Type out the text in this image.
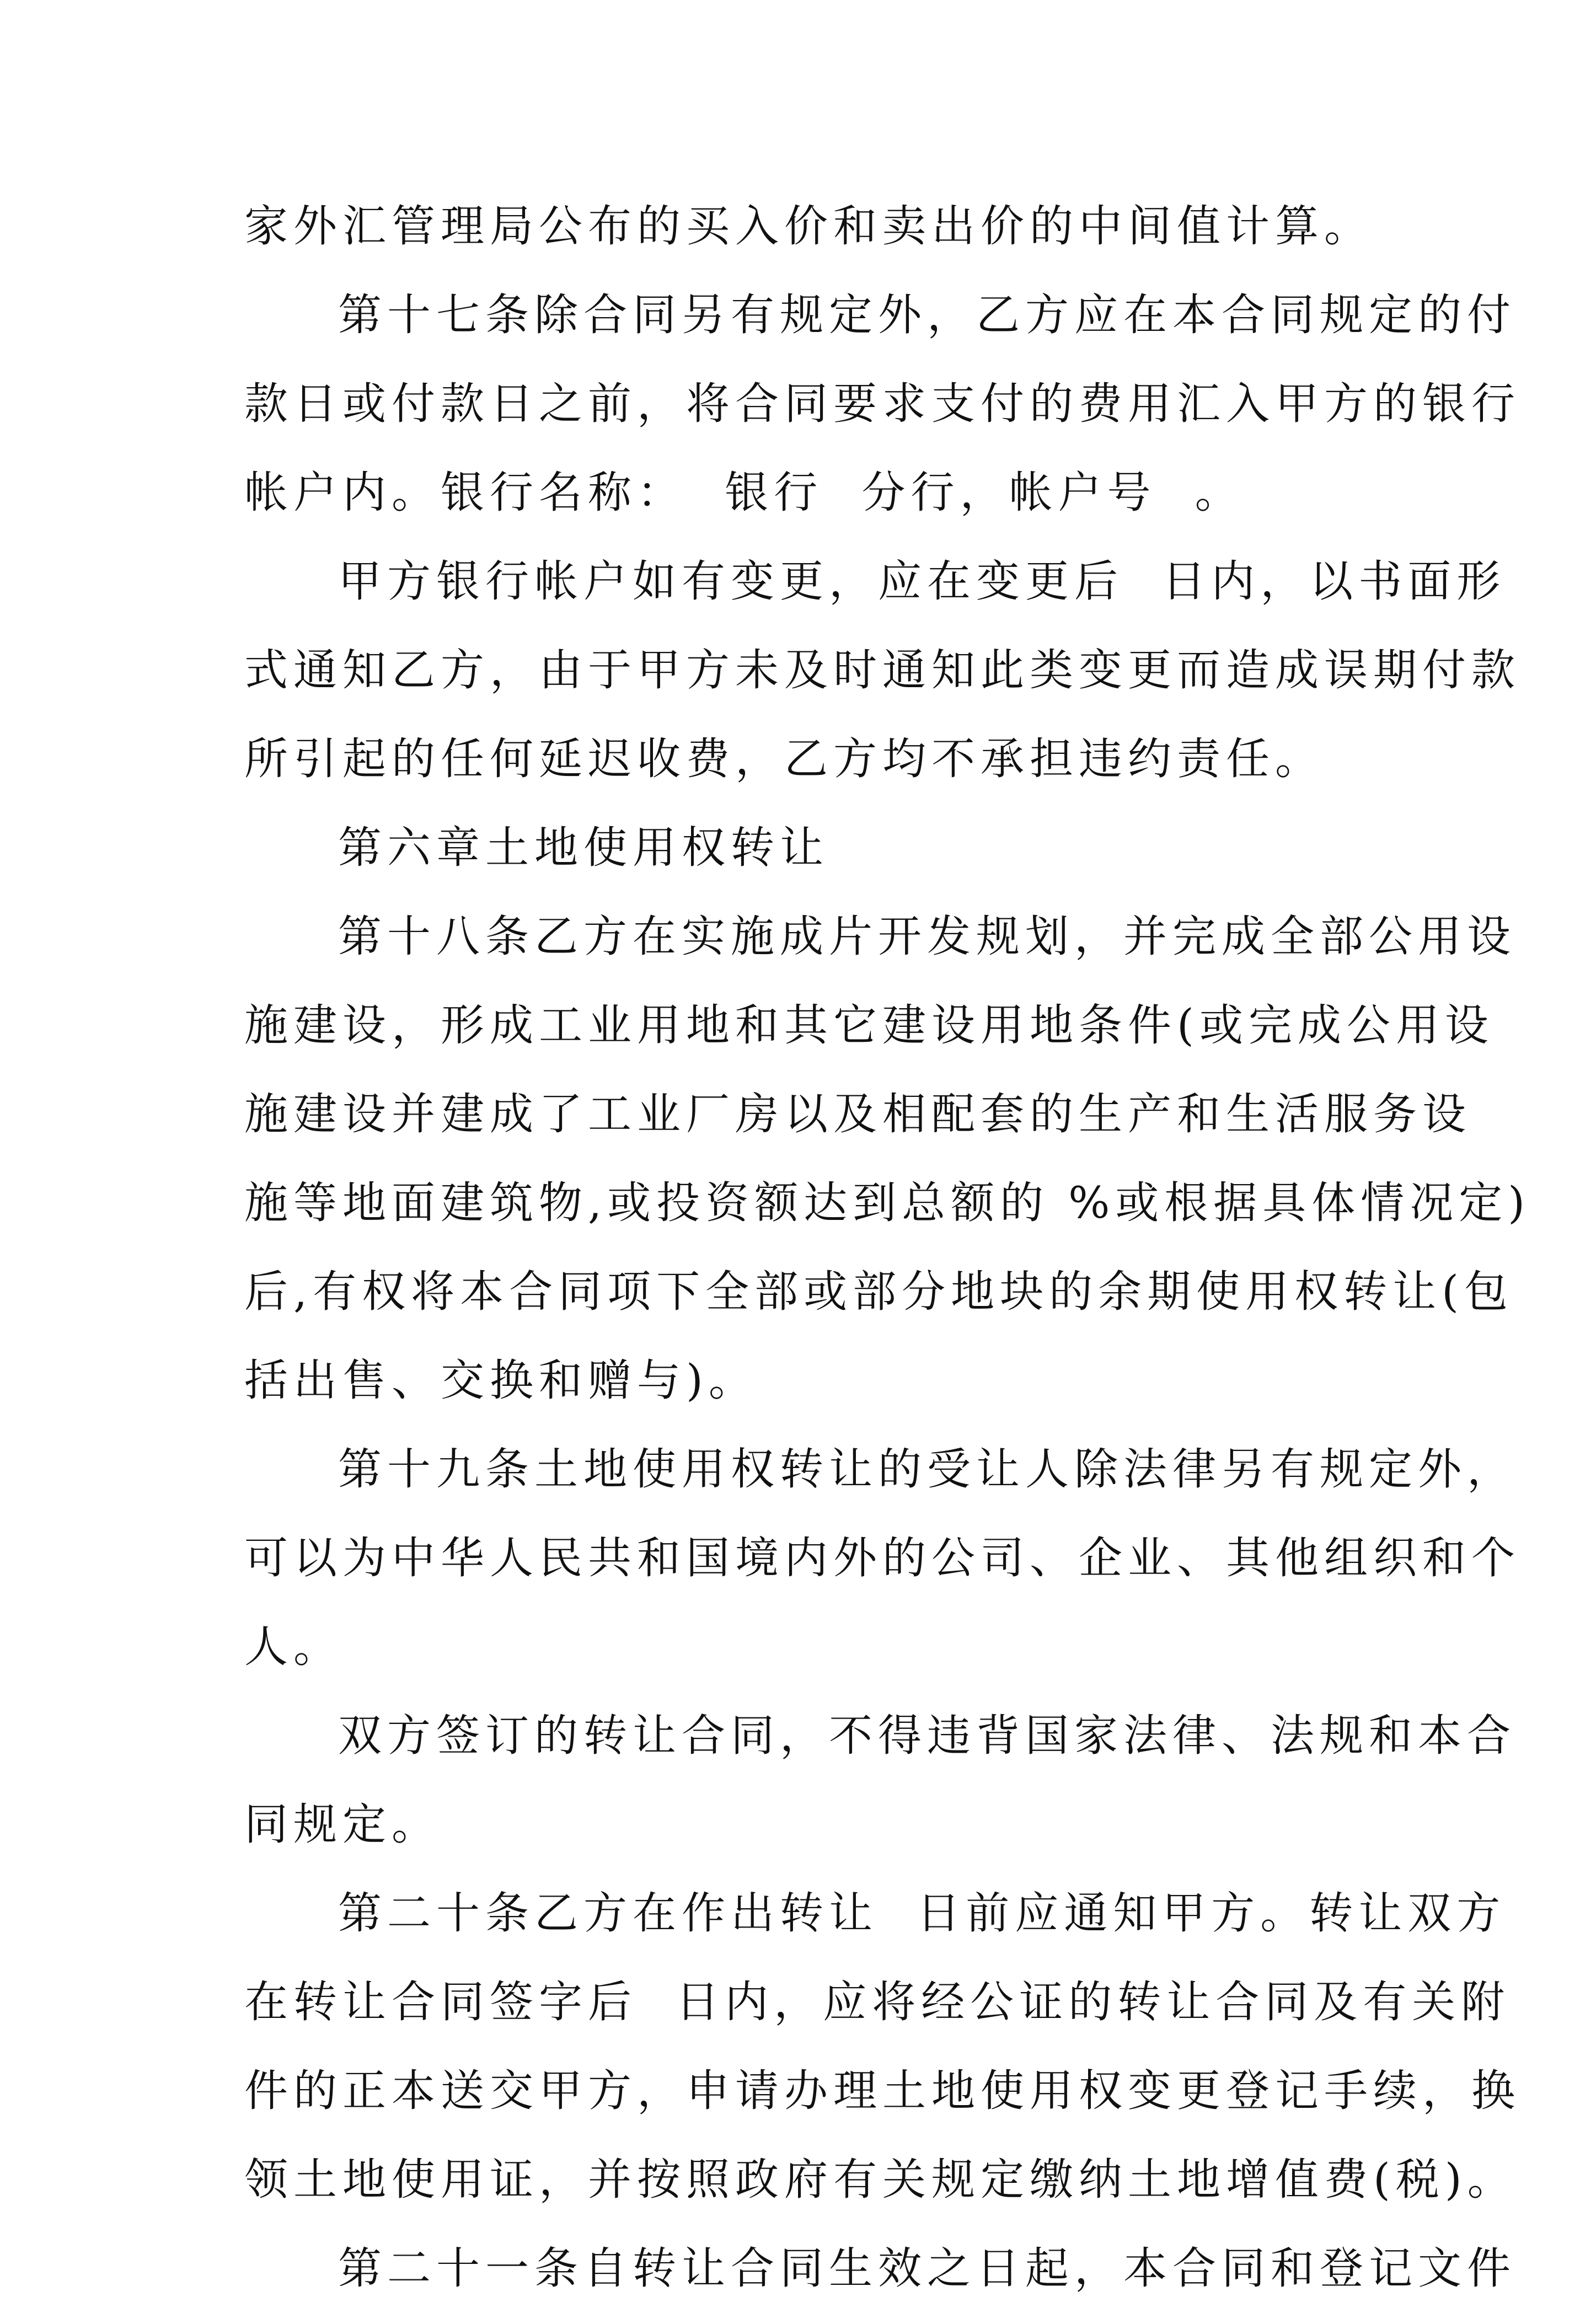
家外汇管理局公布的买入价和卖出价的中间值计算。
第十七条除合同另有规定外，乙方应在本合同规定的付
款日或付款日之前，将合同要求支付的费用汇入甲方的银行
帐户内。银行名称：  银行  分行，帐户号  。
甲方银行帐户如有变更，应在变更后  日内，以书面形
式通知乙方，由于甲方未及时通知此类变更而造成误期付款
所引起的任何延迟收费，乙方均不承担违约责任。
第六章土地使用权转让
第十八条乙方在实施成片开发规划，并完成全部公用设
施建设，形成工业用地和其它建设用地条件(或完成公用设
施建设并建成了工业厂房以及相配套的生产和生活服务设
施等地面建筑物,或投资额达到总额的 %或根据具体情况定)
后,有权将本合同项下全部或部分地块的余期使用权转让(包
括出售、交换和赠与)。
第十九条土地使用权转让的受让人除法律另有规定外，
可以为中华人民共和国境内外的公司、企业、其他组织和个
人。
双方签订的转让合同，不得违背国家法律、法规和本合
同规定。
第二十条乙方在作出转让  日前应通知甲方。转让双方
在转让合同签字后  日内，应将经公证的转让合同及有关附
件的正本送交甲方，申请办理土地使用权变更登记手续，换
领土地使用证，并按照政府有关规定缴纳土地增值费(税)。
第二十一条自转让合同生效之日起，本合同和登记文件
